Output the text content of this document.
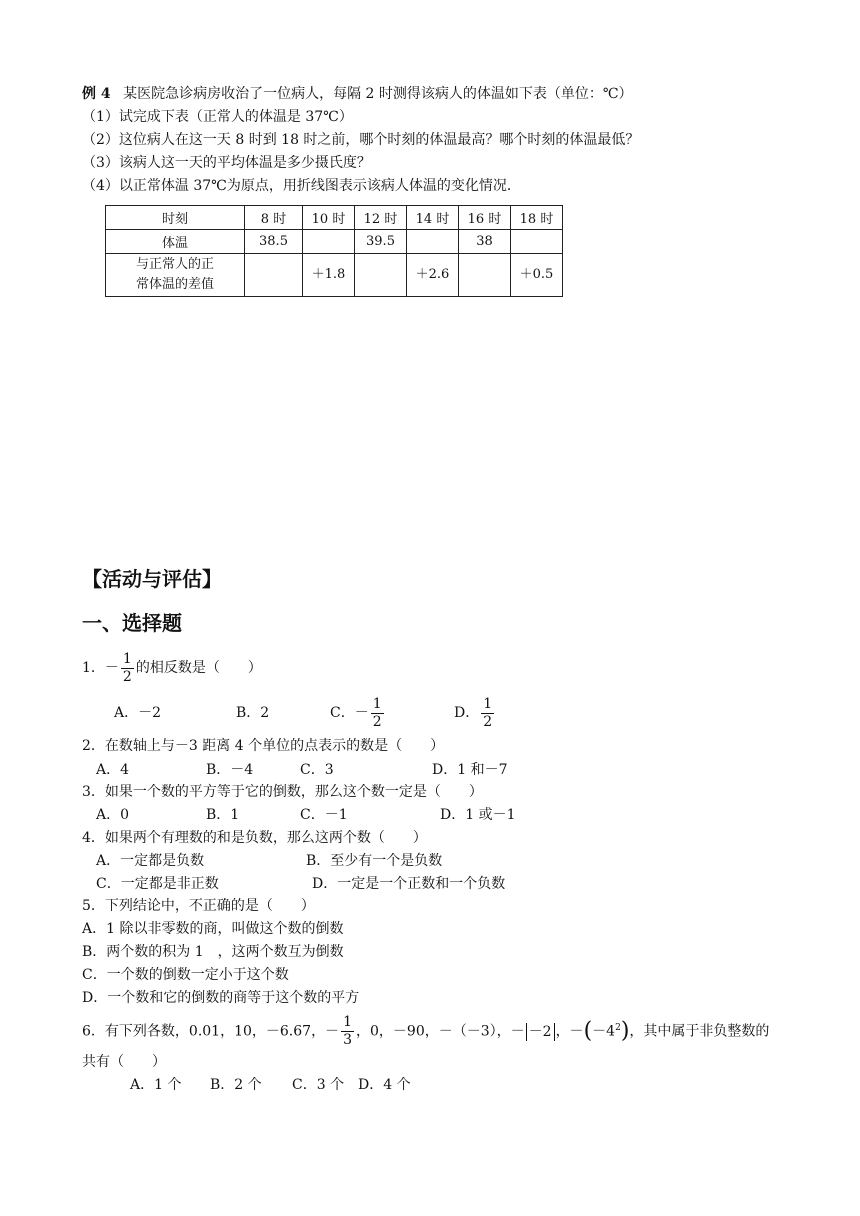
例 4 某医院急诊病房收治了一位病人，每隔 2 时测得该病人的体温如下表（单位：℃）
（1）试完成下表（正常人的体温是 37℃）
（2）这位病人在这一天 8 时到 18 时之前，哪个时刻的体温最高？哪个时刻的体温最低？
（3）该病人这一天的平均体温是多少摄氏度？
（4）以正常体温 37℃为原点，用折线图表示该病人体温的变化情况．
时刻	8 时	10 时	12 时	14 时	16 时	18 时
体温	38.5		39.5		38	

与正常人的正
常体温的差值		＋1.8		＋2.6		＋0.5
【活动与评估】
一、选择题
1．－ $\frac{1}{2}$ 的相反数是（　　）
A．－2	B．2	C．－ $\frac{1}{2}$	D． $\frac{1}{2}$
2．在数轴上与－3 距离 4 个单位的点表示的数是（　　）
A．4	B．－4	C．3	D．1 和－7
3．如果一个数的平方等于它的倒数，那么这个数一定是（　　）
A．0	B．1	C．－1	D．1 或－1
4．如果两个有理数的和是负数，那么这两个数（　　）
A．一定都是负数	B．至少有一个是负数
C．一定都是非正数	D．一定是一个正数和一个负数
5．下列结论中，不正确的是（　　）
A．1 除以非零数的商，叫做这个数的倒数
B．两个数的积为 1　，这两个数互为倒数
C．一个数的倒数一定小于这个数
D．一个数和它的倒数的商等于这个数的平方
6．有下列各数，0.01，10，－6.67，－ $\frac{1}{3}$ ，0，－90，－（－3），－ －2 ，$-(-4^2)$，其中属于非负整数的
共有（　　）
A．1 个 B．2 个 C．3 个 D．4 个
